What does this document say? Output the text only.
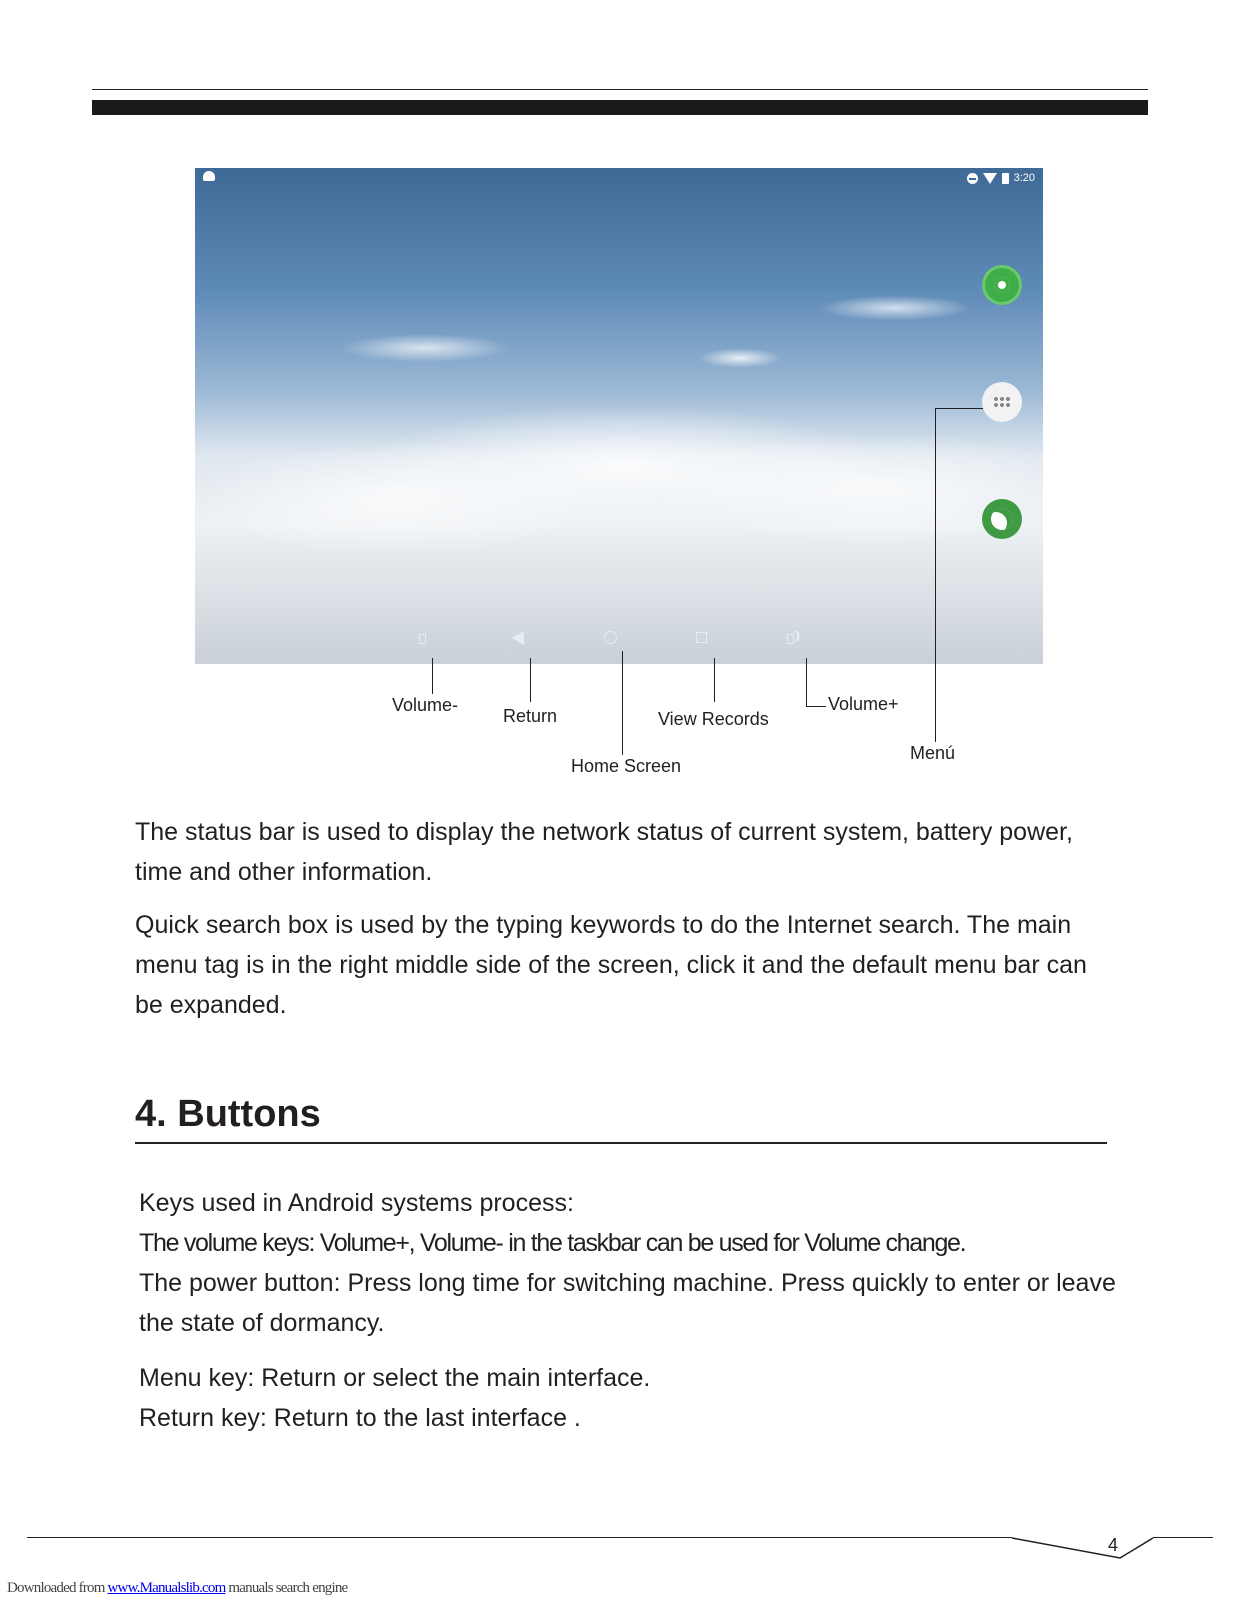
3:20
)))
Volume-
Return
Home Screen
View Records
Volume+
Menú

The status bar is used to display the network status of current system, battery power, time and other information.

Quick search box is used by the typing keywords to do the Internet search. The main menu tag is in the right middle side of the screen, click it and the default menu bar can be expanded.

4. Buttons

Keys used in Android systems process:

The volume keys: Volume+, Volume- in the taskbar can be used for Volume change.

The power button: Press long time for switching machine. Press quickly to enter or leave the state of dormancy.

Menu key: Return or select the main interface.

Return key: Return to the last interface .

4
Downloaded from www.Manualslib.com manuals search engine
